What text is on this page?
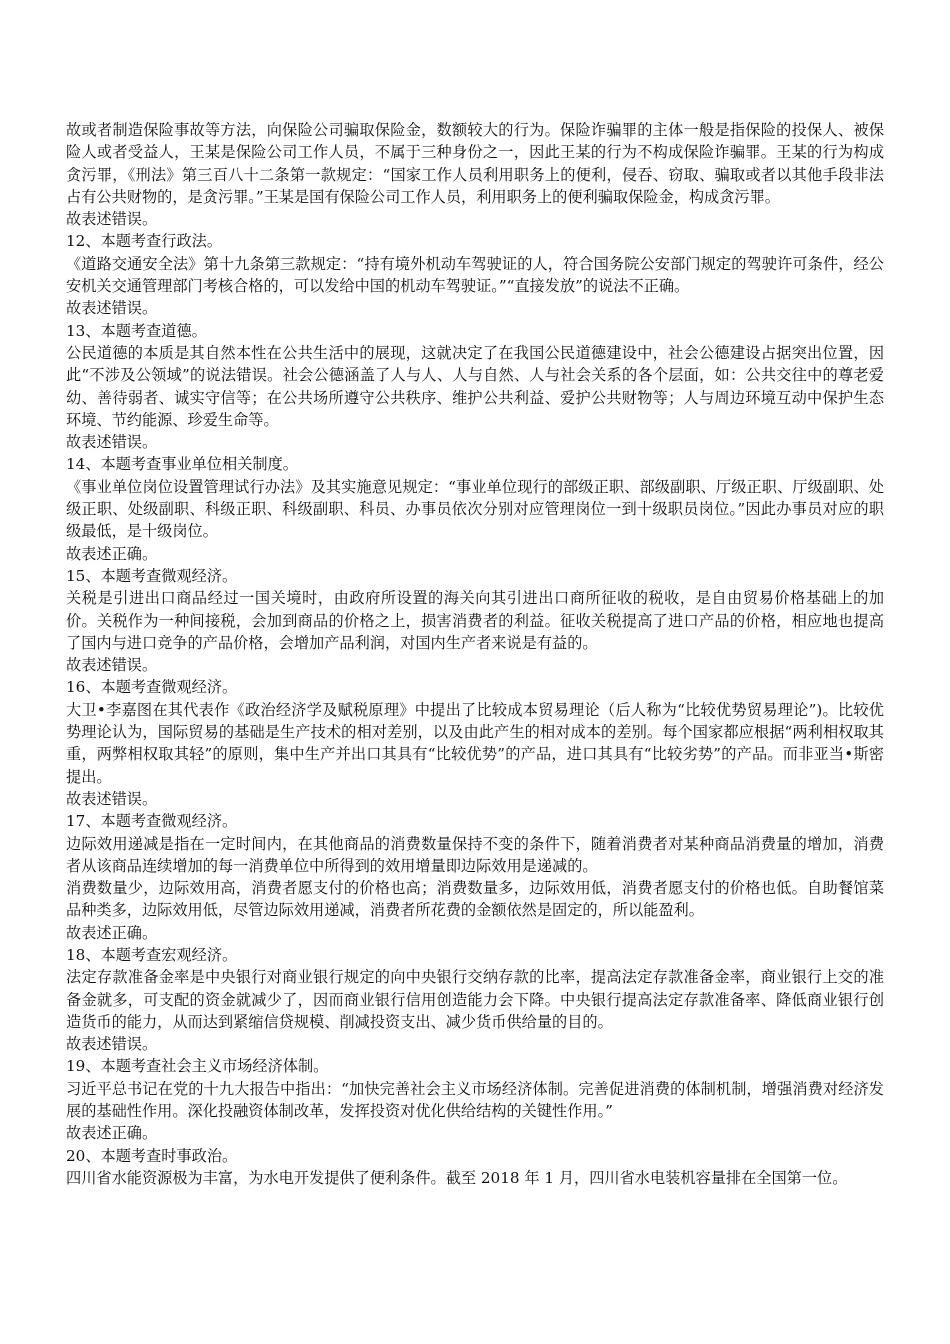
故或者制造保险事故等方法，向保险公司骗取保险金，数额较大的行为。保险诈骗罪的主体一般是指保险的投保人、被保险人或者受益人，王某是保险公司工作人员，不属于三种身份之一，因此王某的行为不构成保险诈骗罪。王某的行为构成贪污罪，《刑法》第三百八十二条第一款规定：“国家工作人员利用职务上的便利，侵吞、窃取、骗取或者以其他手段非法占有公共财物的，是贪污罪。”王某是国有保险公司工作人员，利用职务上的便利骗取保险金，构成贪污罪。

故表述错误。

12、本题考查行政法。

《道路交通安全法》第十九条第三款规定：“持有境外机动车驾驶证的人，符合国务院公安部门规定的驾驶许可条件，经公安机关交通管理部门考核合格的，可以发给中国的机动车驾驶证。”“直接发放”的说法不正确。

故表述错误。

13、本题考查道德。

公民道德的本质是其自然本性在公共生活中的展现，这就决定了在我国公民道德建设中，社会公德建设占据突出位置，因此“不涉及公领域”的说法错误。社会公德涵盖了人与人、人与自然、人与社会关系的各个层面，如：公共交往中的尊老爱幼、善待弱者、诚实守信等；在公共场所遵守公共秩序、维护公共利益、爱护公共财物等；人与周边环境互动中保护生态环境、节约能源、珍爱生命等。

故表述错误。

14、本题考查事业单位相关制度。

《事业单位岗位设置管理试行办法》及其实施意见规定：“事业单位现行的部级正职、部级副职、厅级正职、厅级副职、处级正职、处级副职、科级正职、科级副职、科员、办事员依次分别对应管理岗位一到十级职员岗位。”因此办事员对应的职级最低，是十级岗位。

故表述正确。

15、本题考查微观经济。

关税是引进出口商品经过一国关境时，由政府所设置的海关向其引进出口商所征收的税收，是自由贸易价格基础上的加价。关税作为一种间接税，会加到商品的价格之上，损害消费者的利益。征收关税提高了进口产品的价格，相应地也提高了国内与进口竞争的产品价格，会增加产品利润，对国内生产者来说是有益的。

故表述错误。

16、本题考查微观经济。

大卫•李嘉图在其代表作《政治经济学及赋税原理》中提出了比较成本贸易理论（后人称为“比较优势贸易理论”)。比较优势理论认为，国际贸易的基础是生产技术的相对差别，以及由此产生的相对成本的差别。每个国家都应根据“两利相权取其重，两弊相权取其轻”的原则，集中生产并出口其具有“比较优势”的产品，进口其具有“比较劣势”的产品。而非亚当•斯密提出。

故表述错误。

17、本题考查微观经济。

边际效用递减是指在一定时间内，在其他商品的消费数量保持不变的条件下，随着消费者对某种商品消费量的增加，消费者从该商品连续增加的每一消费单位中所得到的效用增量即边际效用是递减的。

消费数量少，边际效用高，消费者愿支付的价格也高；消费数量多，边际效用低，消费者愿支付的价格也低。自助餐馆菜品种类多，边际效用低，尽管边际效用递减，消费者所花费的金额依然是固定的，所以能盈利。

故表述正确。

18、本题考查宏观经济。

法定存款准备金率是中央银行对商业银行规定的向中央银行交纳存款的比率，提高法定存款准备金率，商业银行上交的准备金就多，可支配的资金就减少了，因而商业银行信用创造能力会下降。中央银行提高法定存款准备率、降低商业银行创造货币的能力，从而达到紧缩信贷规模、削减投资支出、减少货币供给量的目的。

故表述错误。

19、本题考查社会主义市场经济体制。

习近平总书记在党的十九大报告中指出：“加快完善社会主义市场经济体制。完善促进消费的体制机制，增强消费对经济发展的基础性作用。深化投融资体制改革，发挥投资对优化供给结构的关键性作用。”

故表述正确。

20、本题考查时事政治。

四川省水能资源极为丰富，为水电开发提供了便利条件。截至 2018 年 1 月，四川省水电装机容量排在全国第一位。
